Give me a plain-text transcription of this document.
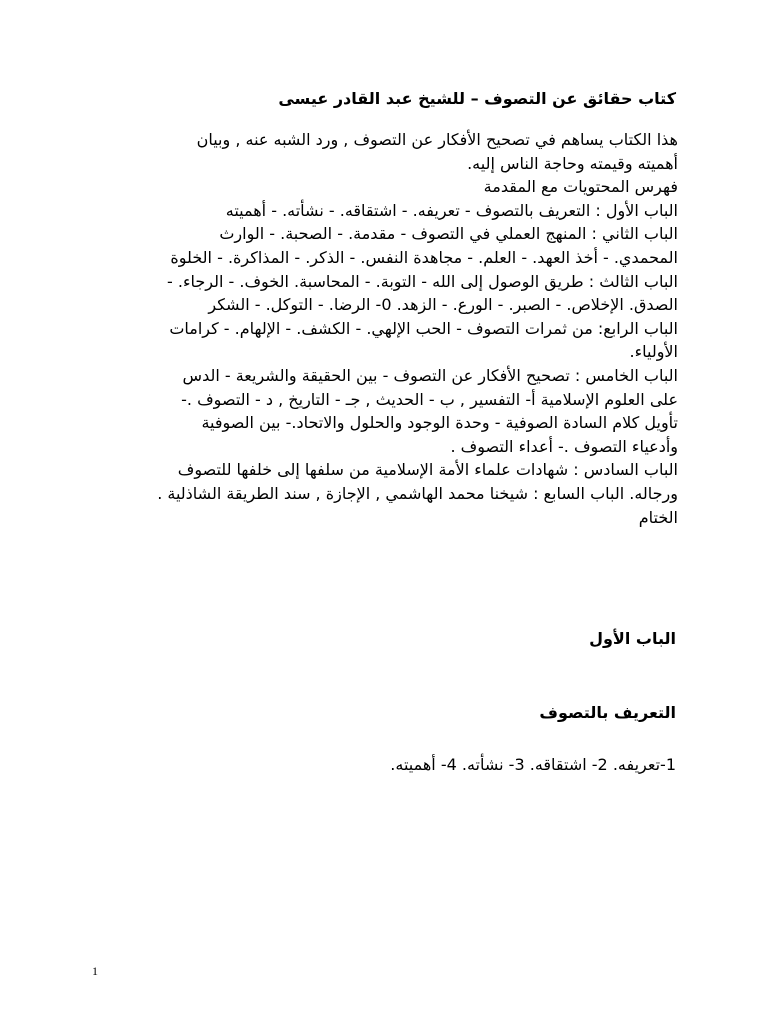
كتاب حقائق عن التصوف – للشيخ عبد القادر عيسى

هذا الكتاب يساهم في تصحيح الأفكار عن التصوف , ورد الشبه عنه , وبيان

أهميته وقيمته وحاجة الناس إليه.

فهرس المحتويات مع المقدمة

الباب الأول : التعريف بالتصوف - تعريفه. - اشتقاقه. - نشأته. - أهميته

الباب الثاني : المنهج العملي في التصوف - مقدمة. - الصحبة. - الوارث

المحمدي. - أخذ العهد. - العلم. - مجاهدة النفس. - الذكر. - المذاكرة. - الخلوة

الباب الثالث : طريق الوصول إلى الله - التوبة. - المحاسبة. الخوف. - الرجاء. -

الصدق. الإخلاص. - الصبر. - الورع. - الزهد. 0- الرضا. - التوكل. - الشكر

الباب الرابع: من ثمرات التصوف - الحب الإلهي. - الكشف. - الإلهام. - كرامات

الأولياء.

الباب الخامس : تصحيح الأفكار عن التصوف - بين الحقيقة والشريعة - الدس

على العلوم الإسلامية أ- التفسير , ب - الحديث , جـ - التاريخ , د - التصوف .-

تأويل كلام السادة الصوفية - وحدة الوجود والحلول والاتحاد.- بين الصوفية

وأدعياء التصوف .- أعداء التصوف .

الباب السادس : شهادات علماء الأمة الإسلامية من سلفها إلى خلفها للتصوف

ورجاله. الباب السابع : شيخنا محمد الهاشمي , الإجازة , سند الطريقة الشاذلية .

الختام

الباب الأول
التعريف بالتصوف
1-تعريفه. 2- اشتقاقه. 3- نشأته. 4- أهميته.
1
